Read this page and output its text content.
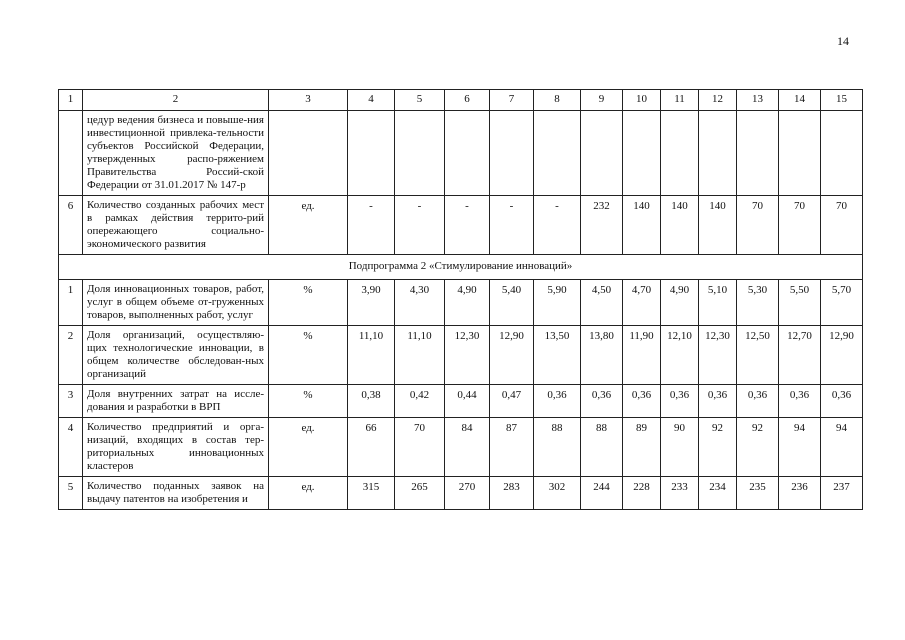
14
1	2	3	4	5	6	7	8	9	10	11	12	13	14	15
	цедур ведения бизнеса и повыше-ния инвестиционной привлека-тельности субъектов Российской Федерации, утвержденных распо-ряжением Правительства Россий-ской Федерации от 31.01.2017 № 147-р													
6	Количество созданных рабочих мест в рамках действия террито-рий опережающего социально-экономического развития	ед.	-	-	-	-	-	232	140	140	140	70	70	70
Подпрограмма 2 «Стимулирование инноваций»														
1	Доля инновационных товаров, работ, услуг в общем объеме от-груженных товаров, выполненных работ, услуг	%	3,90	4,30	4,90	5,40	5,90	4,50	4,70	4,90	5,10	5,30	5,50	5,70
2	Доля организаций, осуществляю-щих технологические инновации, в общем количестве обследован-ных организаций	%	11,10	11,10	12,30	12,90	13,50	13,80	11,90	12,10	12,30	12,50	12,70	12,90
3	Доля внутренних затрат на иссле-дования и разработки в ВРП	%	0,38	0,42	0,44	0,47	0,36	0,36	0,36	0,36	0,36	0,36	0,36	0,36
4	Количество предприятий и орга-низаций, входящих в состав тер-риториальных инновационных кластеров	ед.	66	70	84	87	88	88	89	90	92	92	94	94
5	Количество поданных заявок на выдачу патентов на изобретения и	ед.	315	265	270	283	302	244	228	233	234	235	236	237
